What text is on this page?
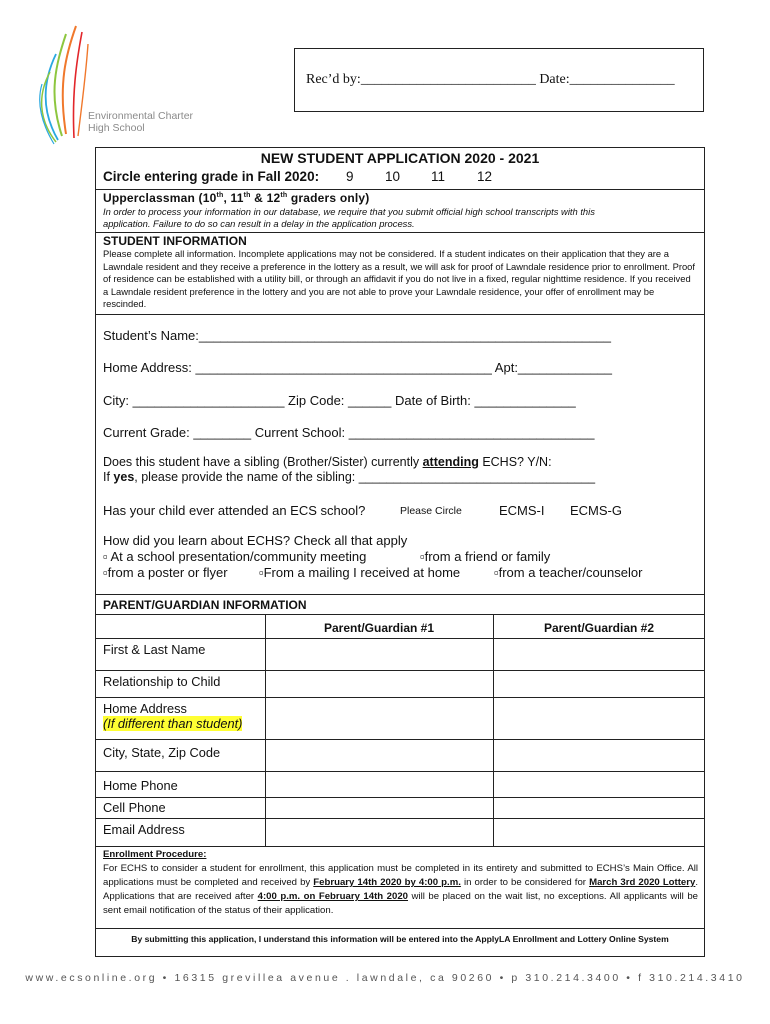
Environmental Charter
High School
Rec’d by:_________________________ Date:_______________
NEW STUDENT APPLICATION 2020 - 2021
Circle entering grade in Fall 2020: 9 10 11 12
Upperclassman (10th, 11th & 12th graders only)
In order to process your information in our database, we require that you submit official high school transcripts with this
application. Failure to do so can result in a delay in the application process.
STUDENT INFORMATION
Please complete all information. Incomplete applications may not be considered. If a student indicates on their application that they are a Lawndale resident and they receive a preference in the lottery as a result, we will ask for proof of Lawndale residence prior to enrollment. Proof of residence can be established with a utility bill, or through an affidavit if you do not live in a fixed, regular nighttime residence. If you received a Lawndale resident preference in the lottery and you are not able to prove your Lawndale residence, your offer of enrollment may be rescinded.
Student’s Name:_________________________________________________________
Home Address: _________________________________________ Apt:_____________
City: _____________________ Zip Code: ______ Date of Birth: ______________
Current Grade: ________ Current School: __________________________________
Does this student have a sibling (Brother/Sister) currently attending ECHS? Y/N:
If yes, please provide the name of the sibling: __________________________________
Has your child ever attended an ECS school?	Please Circle	ECMS-I ECMS-G
How did you learn about ECHS? Check all that apply
▫ At a school presentation/community meeting	▫from a friend or family
▫from a poster or flyer ▫From a mailing I received at home	▫from a teacher/counselor
PARENT/GUARDIAN INFORMATION
Parent/Guardian #1	Parent/Guardian #2
First & Last Name
Relationship to Child
Home Address
(If different than student)
City, State, Zip Code
Home Phone
Cell Phone
Email Address
Enrollment Procedure:
For ECHS to consider a student for enrollment, this application must be completed in its entirety and submitted to ECHS’s Main Office. All applications must be completed and received by February 14th 2020 by 4:00 p.m. in order to be considered for March 3rd 2020 Lottery. Applications that are received after 4:00 p.m. on February 14th 2020 will be placed on the wait list, no exceptions. All applicants will be sent email notification of the status of their application.
By submitting this application, I understand this information will be entered into the ApplyLA Enrollment and Lottery Online System
www.ecsonline.org • 16315 grevillea avenue . lawndale, ca 90260 • p 310.214.3400 • f 310.214.3410
